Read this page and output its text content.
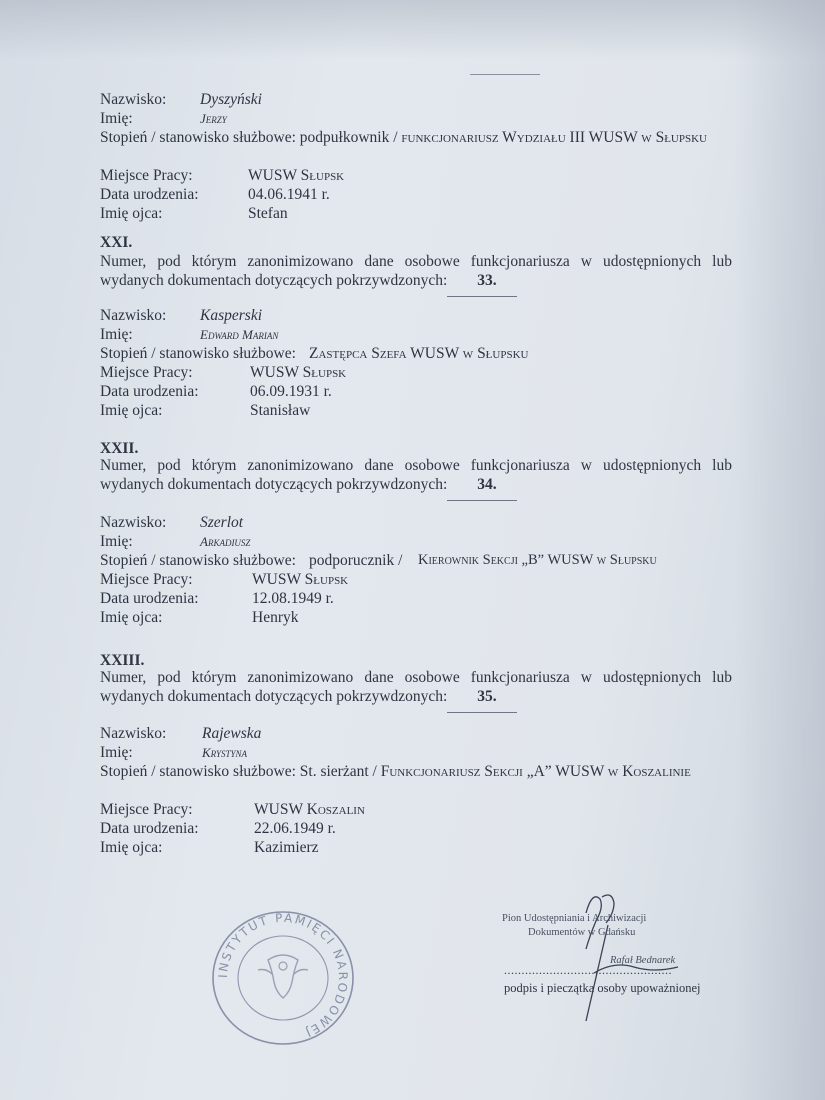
Nazwisko: Dyszyński
Imię:	Jerzy
Stopień / stanowisko służbowe: podpułkownik / funkcjonariusz Wydziału III WUSW w Słupsku
Miejsce Pracy:	WUSW Słupsk
Data urodzenia:	04.06.1941 r.
Imię ojca:	Stefan
XXI.
Numer, pod którym zanonimizowano dane osobowe funkcjonariusza w udostępnionych lub wydanych dokumentach dotyczących pokrzywdzonych: 33.
Nazwisko: Kasperski
Imię:	Edward Marian
Stopień / stanowisko służbowe: Zastępca Szefa WUSW w Słupsku
Miejsce Pracy:	WUSW Słupsk
Data urodzenia:	06.09.1931 r.
Imię ojca:	Stanisław
XXII.
Numer, pod którym zanonimizowano dane osobowe funkcjonariusza w udostępnionych lub wydanych dokumentach dotyczących pokrzywdzonych: 34.
Nazwisko: Szerlot
Imię:	Arkadiusz
Stopień / stanowisko służbowe: podporucznik / Kierownik Sekcji „B” WUSW w Słupsku
Miejsce Pracy:	WUSW Słupsk
Data urodzenia:	12.08.1949 r.
Imię ojca:	Henryk
XXIII.
Numer, pod którym zanonimizowano dane osobowe funkcjonariusza w udostępnionych lub wydanych dokumentach dotyczących pokrzywdzonych: 35.
Nazwisko: Rajewska
Imię:	Krystyna
Stopień / stanowisko służbowe: St. sierżant / Funkcjonariusz Sekcji „A” WUSW w Koszalinie
Miejsce Pracy:	WUSW Koszalin
Data urodzenia:	22.06.1949 r.
Imię ojca:	Kazimierz
INSTYTUT PAMIĘCI NARODOWEJ
Pion Udostępniania i Archiwizacji
Dokumentów w Gdańsku
Rafał Bednarek
................................................
podpis i pieczątka osoby upoważnionej
